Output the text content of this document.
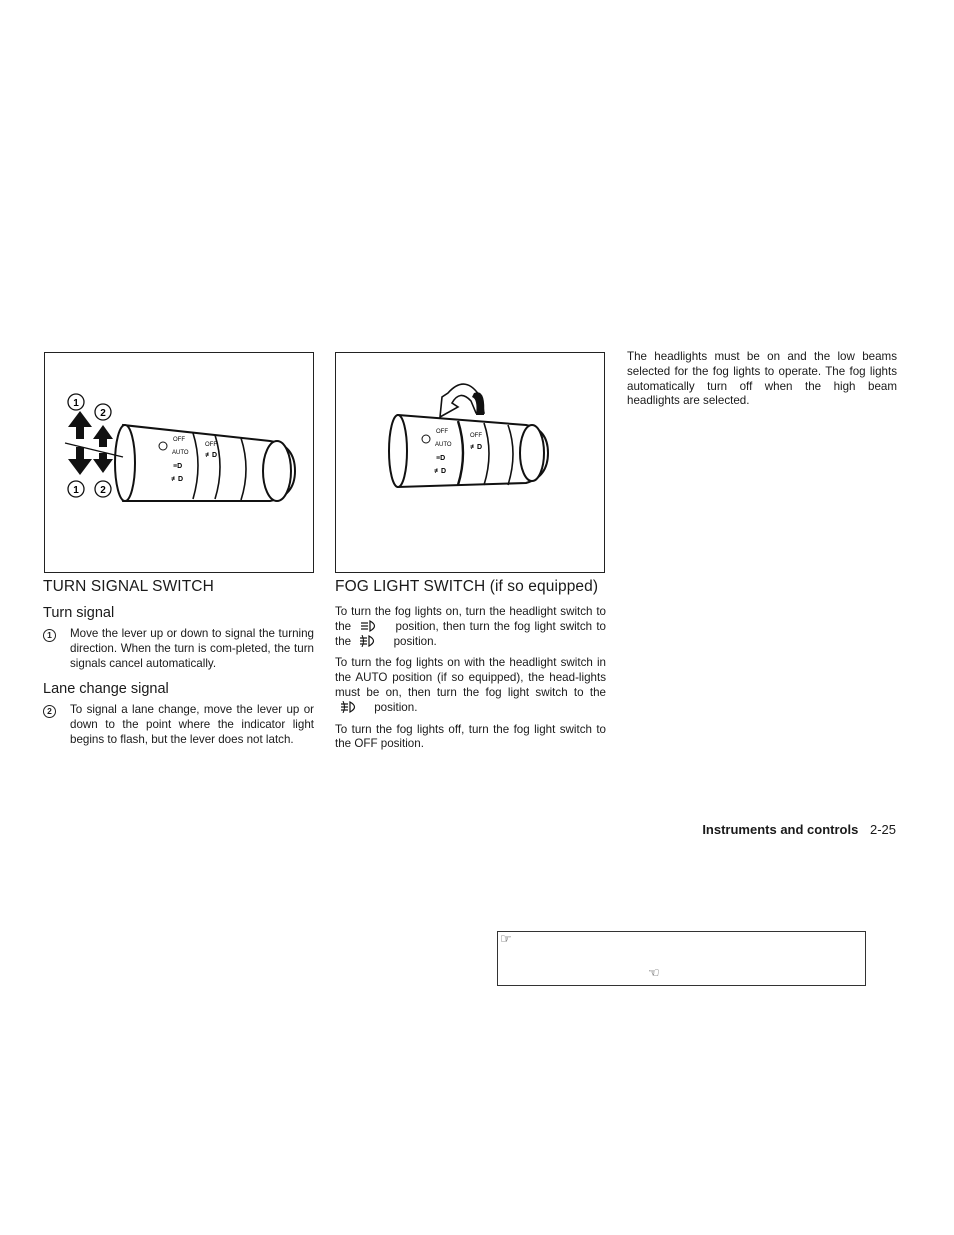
1
2
1 2
OFF
AUTO
OFF
≡D
≢D
≢D
OFF
AUTO
OFF
≡D
≢D
≢D
TURN SIGNAL SWITCH
Turn signal
1	Move the lever up or down to signal the turning direction. When the turn is com-pleted, the turn signals cancel automatically.

Lane change signal
2	To signal a lane change, move the lever up or down to the point where the indicator light begins to flash, but the lever does not latch.

FOG LIGHT SWITCH (if so equipped)

To turn the fog lights on, turn the headlight switch to the	position, then turn the fog light switch to the	position.

To turn the fog lights on with the headlight switch in the AUTO position (if so equipped), the head-lights must be on, then turn the fog light switch to the  position.

To turn the fog lights off, turn the fog light switch to the OFF position.

The headlights must be on and the low beams selected for the fog lights to operate. The fog lights automatically turn off when the high beam headlights are selected.

Instruments and controls 2-25
☞
☜
